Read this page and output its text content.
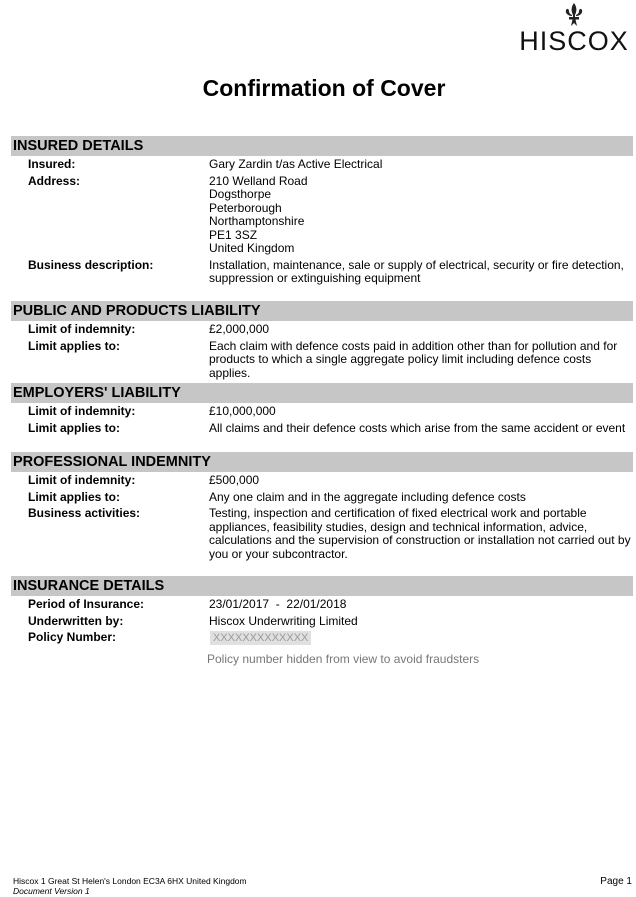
HISCOX
Confirmation of Cover
INSURED DETAILS
Insured:	Gary Zardin t/as Active Electrical
Address:	210 Welland Road
Dogsthorpe
Peterborough
Northamptonshire
PE1 3SZ
United Kingdom
Business description:	Installation, maintenance, sale or supply of electrical, security or fire detection,
suppression or extinguishing equipment
PUBLIC AND PRODUCTS LIABILITY
Limit of indemnity:	£2,000,000
Limit applies to:	Each claim with defence costs paid in addition other than for pollution and for
products to which a single aggregate policy limit including defence costs applies.
EMPLOYERS' LIABILITY
Limit of indemnity:	£10,000,000
Limit applies to:	All claims and their defence costs which arise from the same accident or event
PROFESSIONAL INDEMNITY
Limit of indemnity:	£500,000
Limit applies to:	Any one claim and in the aggregate including defence costs
Business activities:	Testing, inspection and certification of fixed electrical work and portable
appliances, feasibility studies, design and technical information, advice,
calculations and the supervision of construction or installation not carried out by
you or your subcontractor.
INSURANCE DETAILS
Period of Insurance:	23/01/2017  -  22/01/2018
Underwritten by:	Hiscox Underwriting Limited
Policy Number:	XXXXXXXXXXXXX
Policy number hidden from view to avoid fraudsters
Hiscox 1 Great St Helen's London EC3A 6HX United Kingdom
Document Version 1
Page 1
